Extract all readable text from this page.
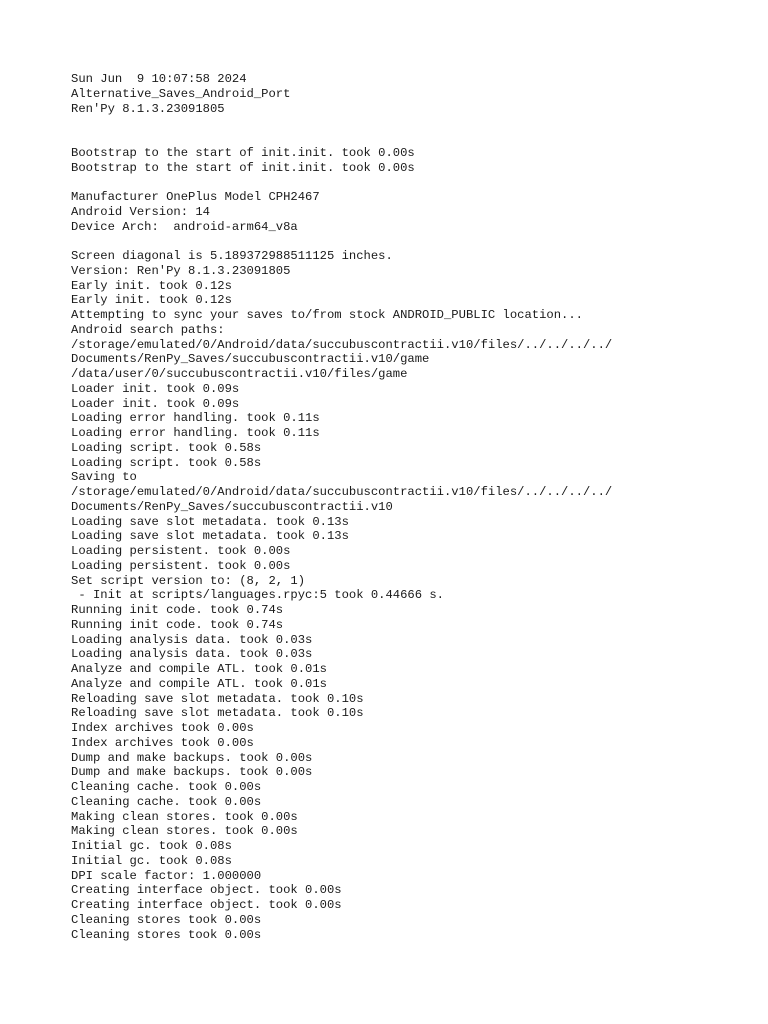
Sun Jun  9 10:07:58 2024
Alternative_Saves_Android_Port
Ren'Py 8.1.3.23091805
Bootstrap to the start of init.init. took 0.00s
Bootstrap to the start of init.init. took 0.00s
Manufacturer OnePlus Model CPH2467
Android Version: 14
Device Arch:  android-arm64_v8a
Screen diagonal is 5.189372988511125 inches.
Version: Ren'Py 8.1.3.23091805
Early init. took 0.12s
Early init. took 0.12s
Attempting to sync your saves to/from stock ANDROID_PUBLIC location...
Android search paths:
/storage/emulated/0/Android/data/succubuscontractii.v10/files/../../../../
Documents/RenPy_Saves/succubuscontractii.v10/game
/data/user/0/succubuscontractii.v10/files/game
Loader init. took 0.09s
Loader init. took 0.09s
Loading error handling. took 0.11s
Loading error handling. took 0.11s
Loading script. took 0.58s
Loading script. took 0.58s
Saving to
/storage/emulated/0/Android/data/succubuscontractii.v10/files/../../../../
Documents/RenPy_Saves/succubuscontractii.v10
Loading save slot metadata. took 0.13s
Loading save slot metadata. took 0.13s
Loading persistent. took 0.00s
Loading persistent. took 0.00s
Set script version to: (8, 2, 1)
- Init at scripts/languages.rpyc:5 took 0.44666 s.
Running init code. took 0.74s
Running init code. took 0.74s
Loading analysis data. took 0.03s
Loading analysis data. took 0.03s
Analyze and compile ATL. took 0.01s
Analyze and compile ATL. took 0.01s
Reloading save slot metadata. took 0.10s
Reloading save slot metadata. took 0.10s
Index archives took 0.00s
Index archives took 0.00s
Dump and make backups. took 0.00s
Dump and make backups. took 0.00s
Cleaning cache. took 0.00s
Cleaning cache. took 0.00s
Making clean stores. took 0.00s
Making clean stores. took 0.00s
Initial gc. took 0.08s
Initial gc. took 0.08s
DPI scale factor: 1.000000
Creating interface object. took 0.00s
Creating interface object. took 0.00s
Cleaning stores took 0.00s
Cleaning stores took 0.00s
